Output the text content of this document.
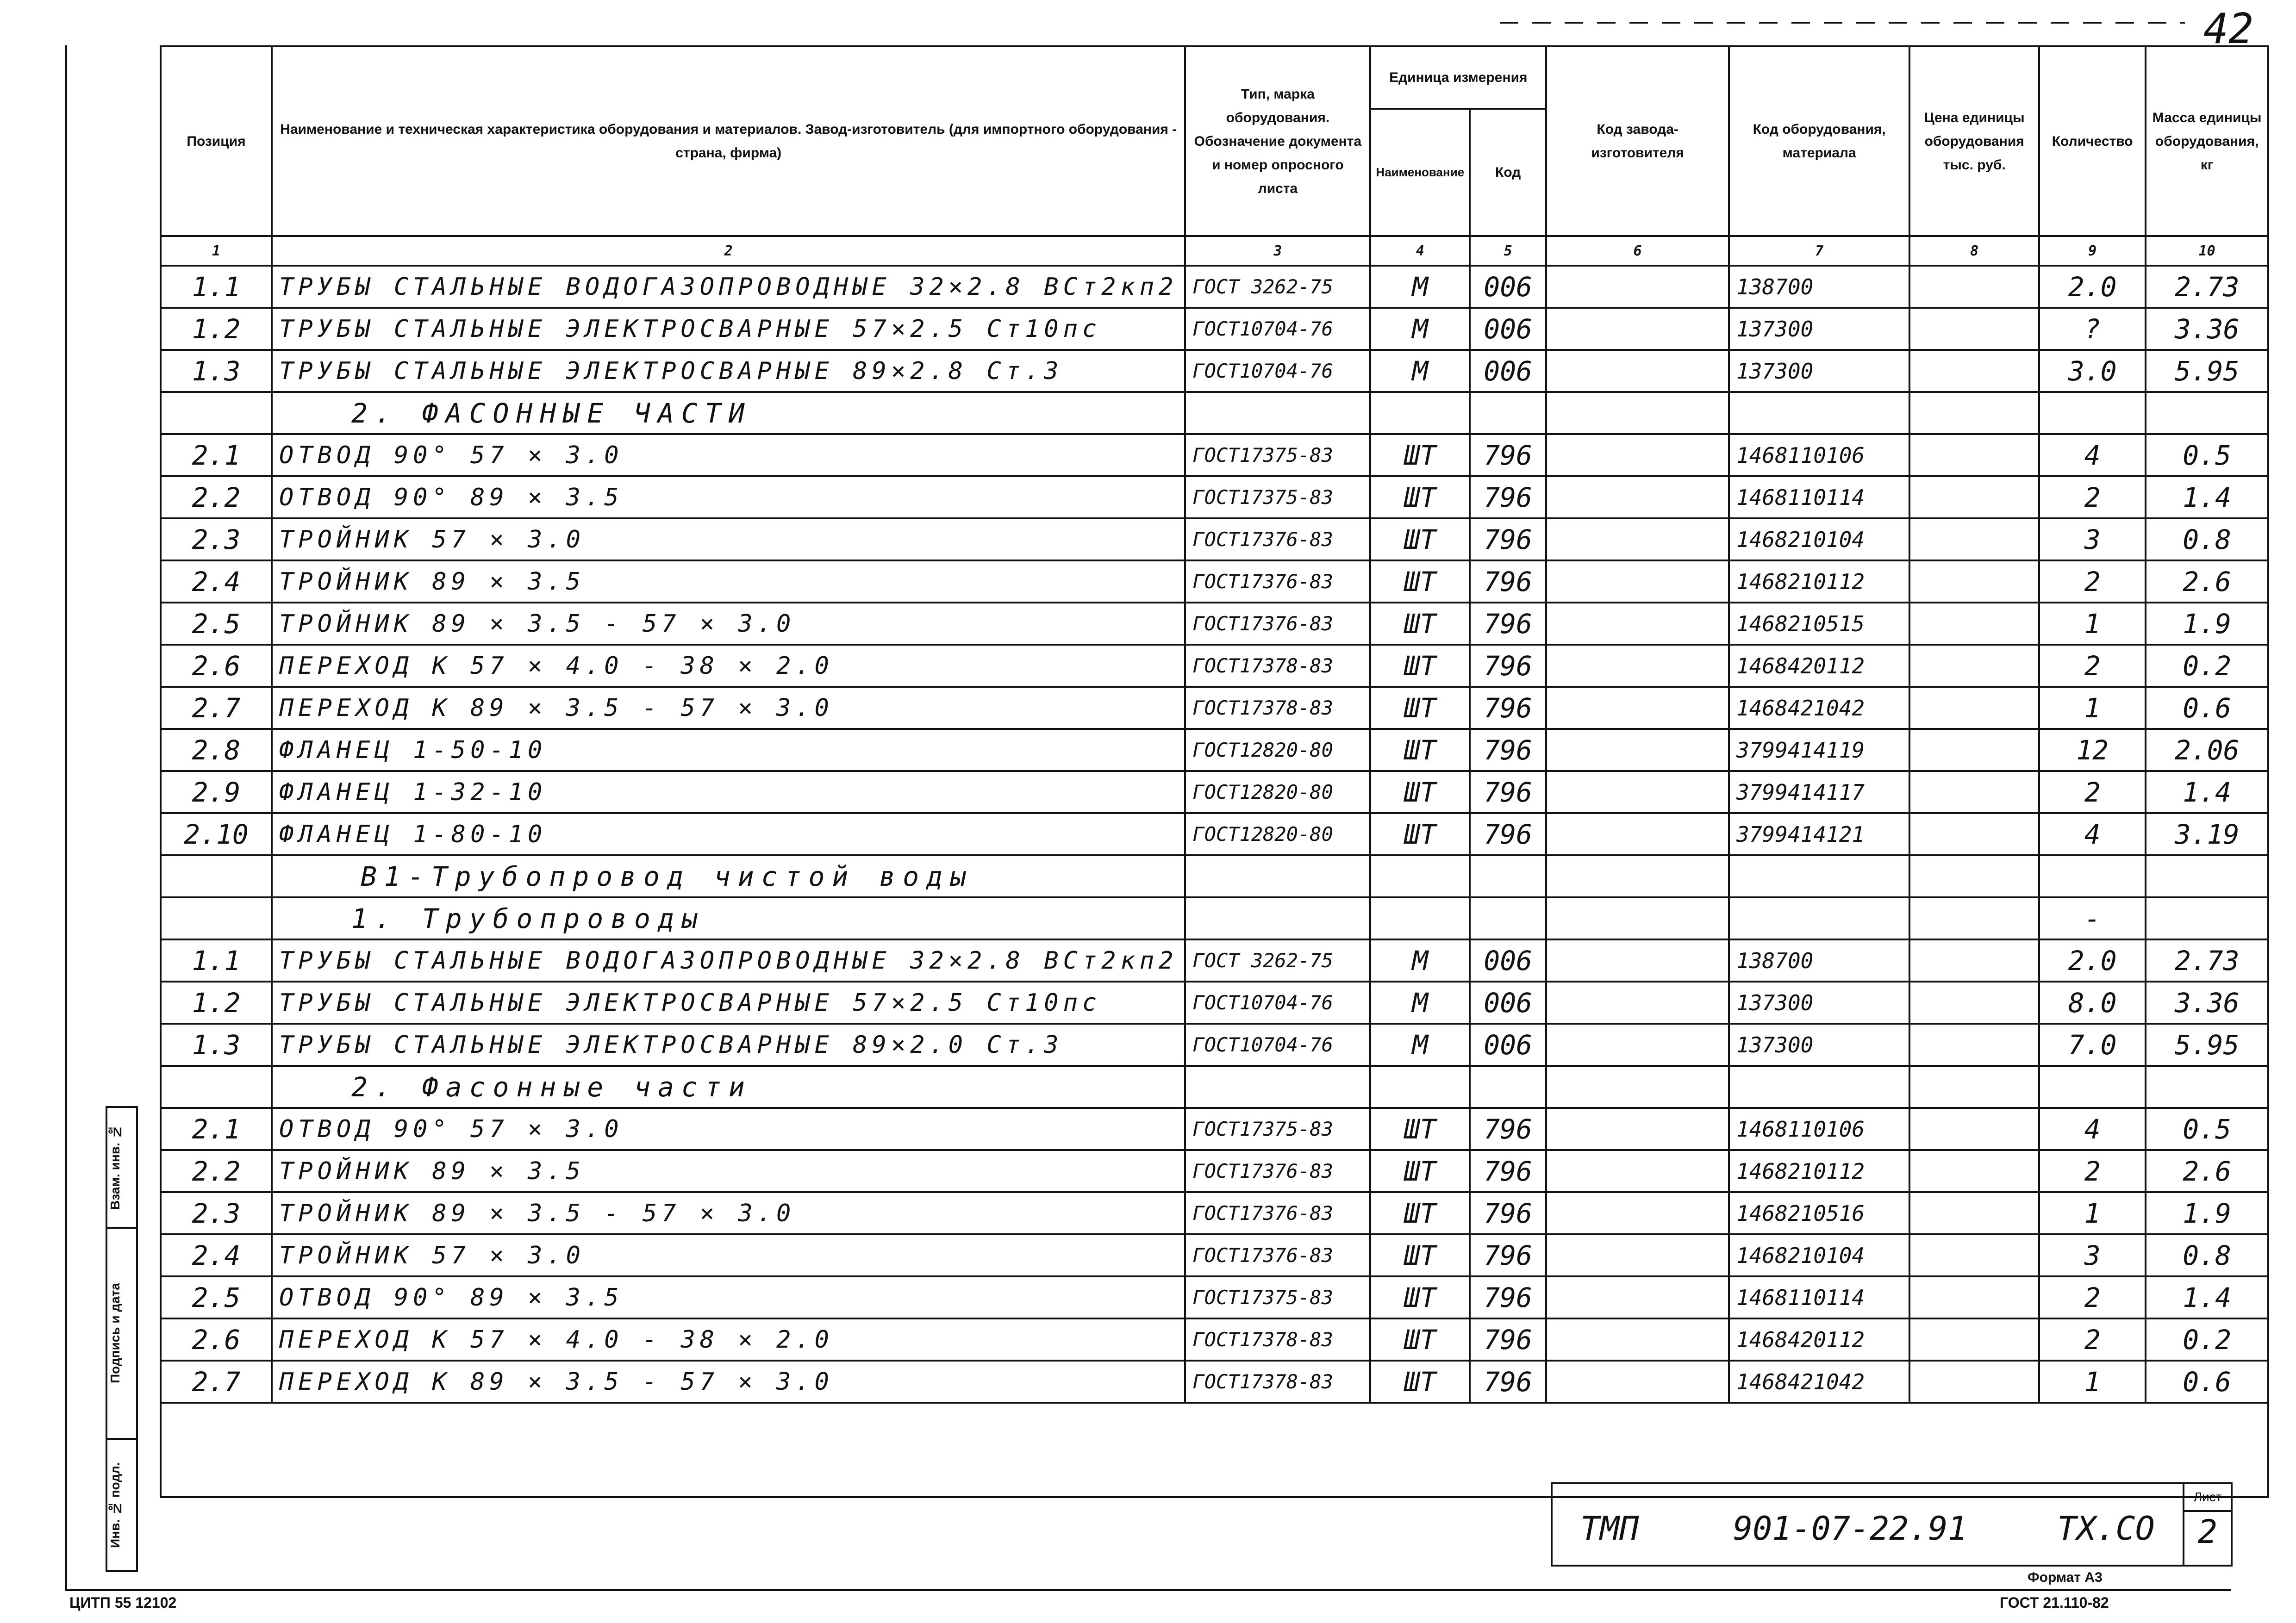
42
Позиция	Наименование и техническая характеристика оборудования и материалов. Завод-изготовитель (для импортного оборудования - страна, фирма)	Тип, марка оборудования. Обозначение документа и номер опросного листа	Единица измерения		Код завода-изготовителя	Код оборудования, материала	Цена единицы оборудования тыс. руб.	Количество	Масса единицы оборудования, кг
			Наименование	Код					
1	2	3	4	5	6	7	8	9	10
1.1	ТРУБЫ СТАЛЬНЫЕ ВОДОГАЗОПРОВОДНЫЕ 32×2.8 ВСт2кп2	ГОСТ 3262-75	М	006		138700		2.0	2.73
1.2	ТРУБЫ СТАЛЬНЫЕ ЭЛЕКТРОСВАРНЫЕ 57×2.5 Ст10пс	ГОСТ10704-76	М	006		137300		?	3.36
1.3	ТРУБЫ СТАЛЬНЫЕ ЭЛЕКТРОСВАРНЫЕ 89×2.8 Ст.3	ГОСТ10704-76	М	006		137300		3.0	5.95
	2. ФАСОННЫЕ ЧАСТИ								
2.1	ОТВОД 90° 57 × 3.0	ГОСТ17375-83	ШТ	796		1468110106		4	0.5
2.2	ОТВОД 90° 89 × 3.5	ГОСТ17375-83	ШТ	796		1468110114		2	1.4
2.3	ТРОЙНИК 57 × 3.0	ГОСТ17376-83	ШТ	796		1468210104		3	0.8
2.4	ТРОЙНИК 89 × 3.5	ГОСТ17376-83	ШТ	796		1468210112		2	2.6
2.5	ТРОЙНИК 89 × 3.5 - 57 × 3.0	ГОСТ17376-83	ШТ	796		1468210515		1	1.9
2.6	ПЕРЕХОД К 57 × 4.0 - 38 × 2.0	ГОСТ17378-83	ШТ	796		1468420112		2	0.2
2.7	ПЕРЕХОД К 89 × 3.5 - 57 × 3.0	ГОСТ17378-83	ШТ	796		1468421042		1	0.6
2.8	ФЛАНЕЦ 1-50-10	ГОСТ12820-80	ШТ	796		3799414119		12	2.06
2.9	ФЛАНЕЦ 1-32-10	ГОСТ12820-80	ШТ	796		3799414117		2	1.4
2.10	ФЛАНЕЦ 1-80-10	ГОСТ12820-80	ШТ	796		3799414121		4	3.19
	В1-Трубопровод чистой воды								
	1. Трубопроводы							-	
1.1	ТРУБЫ СТАЛЬНЫЕ ВОДОГАЗОПРОВОДНЫЕ 32×2.8 ВСт2кп2	ГОСТ 3262-75	М	006		138700		2.0	2.73
1.2	ТРУБЫ СТАЛЬНЫЕ ЭЛЕКТРОСВАРНЫЕ 57×2.5 Ст10пс	ГОСТ10704-76	М	006		137300		8.0	3.36
1.3	ТРУБЫ СТАЛЬНЫЕ ЭЛЕКТРОСВАРНЫЕ 89×2.0 Ст.3	ГОСТ10704-76	М	006		137300		7.0	5.95
	2. Фасонные части								
2.1	ОТВОД 90° 57 × 3.0	ГОСТ17375-83	ШТ	796		1468110106		4	0.5
2.2	ТРОЙНИК 89 × 3.5	ГОСТ17376-83	ШТ	796		1468210112		2	2.6
2.3	ТРОЙНИК 89 × 3.5 - 57 × 3.0	ГОСТ17376-83	ШТ	796		1468210516		1	1.9
2.4	ТРОЙНИК 57 × 3.0	ГОСТ17376-83	ШТ	796		1468210104		3	0.8
2.5	ОТВОД 90° 89 × 3.5	ГОСТ17375-83	ШТ	796		1468110114		2	1.4
2.6	ПЕРЕХОД К 57 × 4.0 - 38 × 2.0	ГОСТ17378-83	ШТ	796		1468420112		2	0.2
2.7	ПЕРЕХОД К 89 × 3.5 - 57 × 3.0	ГОСТ17378-83	ШТ	796		1468421042		1	0.6

Взам. инв. №
Подпись и дата
Инв. № подл.	ТМП	901-07-22.91	ТХ.СО
Лист
2
ЦИТП 55 12102
Формат А3
ГОСТ 21.110-82
